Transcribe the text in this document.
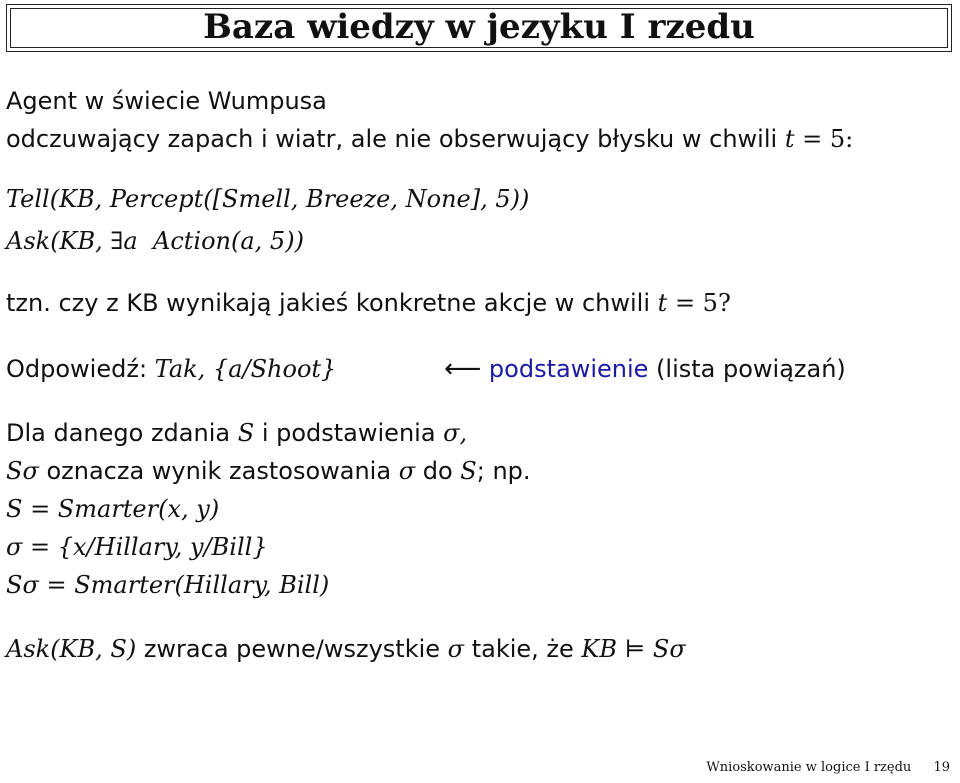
Baza wiedzy w jezyku I rzedu
Agent w świecie Wumpusa
odczuwający zapach i wiatr, ale nie obserwujący błysku w chwili t = 5:
Tell(KB, Percept([Smell, Breeze, None], 5))
Ask(KB, ∃a Action(a, 5))
tzn. czy z KB wynikają jakieś konkretne akcje w chwili t = 5?
Odpowiedź: Tak, {a/Shoot}	⟵ podstawienie (lista powiązań)
Dla danego zdania S i podstawienia σ,
Sσ oznacza wynik zastosowania σ do S; np.
S = Smarter(x, y)
σ = {x/Hillary, y/Bill}
Sσ = Smarter(Hillary, Bill)
Ask(KB, S) zwraca pewne/wszystkie σ takie, że KB ⊨ Sσ
Wnioskowanie w logice I rzędu 19
